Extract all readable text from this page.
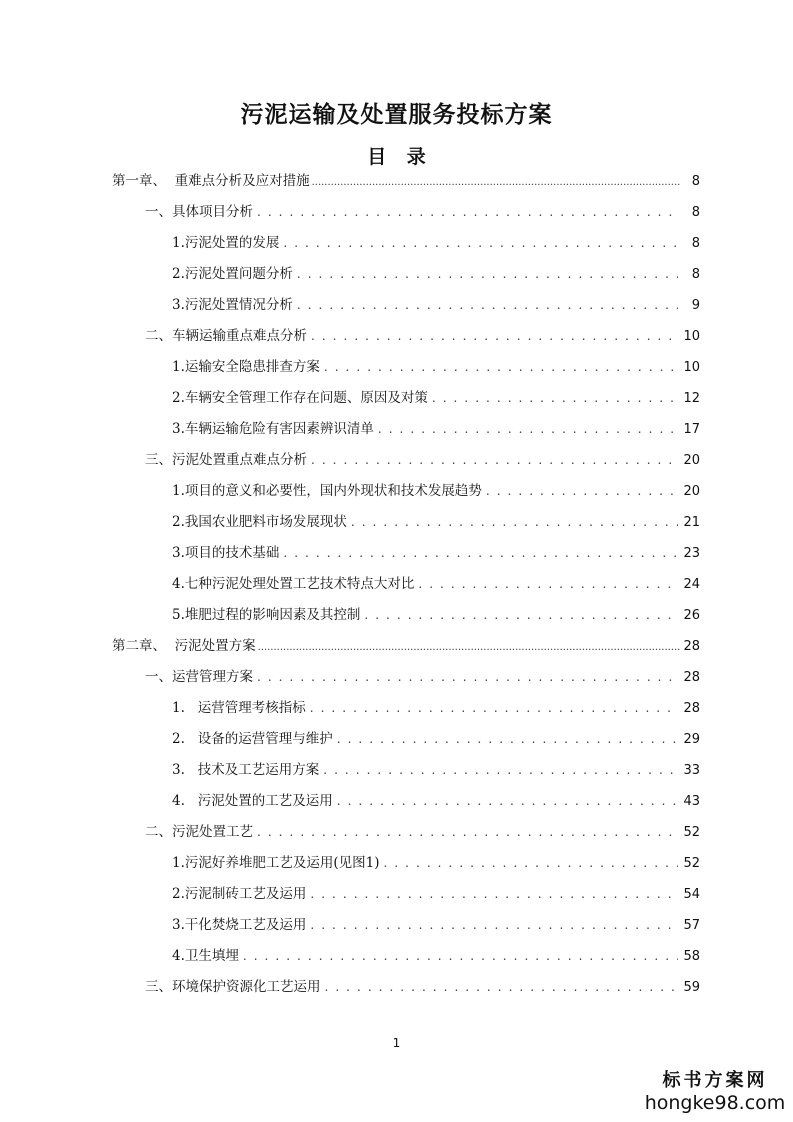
污泥运输及处置服务投标方案
目 录
第一章、  重难点分析及应对措施 .....	8
一、具体项目分析 . . .	8
1.污泥处置的发展 . . .	8
2.污泥处置问题分析 . . .	8
3.污泥处置情况分析 . . .	9
二、车辆运输重点难点分析 . . .	10
1.运输安全隐患排查方案 . . .	10
2.车辆安全管理工作存在问题、原因及对策 . . .	12
3.车辆运输危险有害因素辨识清单 . . .	17
三、污泥处置重点难点分析 . . .	20
1.项目的意义和必要性，国内外现状和技术发展趋势 . . .	20
2.我国农业肥料市场发展现状 . . .	21
3.项目的技术基础 . . .	23
4.七种污泥处理处置工艺技术特点大对比 . . .	24
5.堆肥过程的影响因素及其控制 . . .	26
第二章、  污泥处置方案 .....	28
一、运营管理方案 . . .	28
1.   运营管理考核指标 . . .	28
2.   设备的运营管理与维护 . . .	29
3.   技术及工艺运用方案 . . .	33
4.   污泥处置的工艺及运用 . . .	43
二、污泥处置工艺 . . .	52
1.污泥好养堆肥工艺及运用(见图1) . . .	52
2.污泥制砖工艺及运用 . . .	54
3.干化焚烧工艺及运用 . . .	57
4.卫生填埋 . . .	58
三、环境保护资源化工艺运用 . . .	59
1
标书方案网
hongke98.com
